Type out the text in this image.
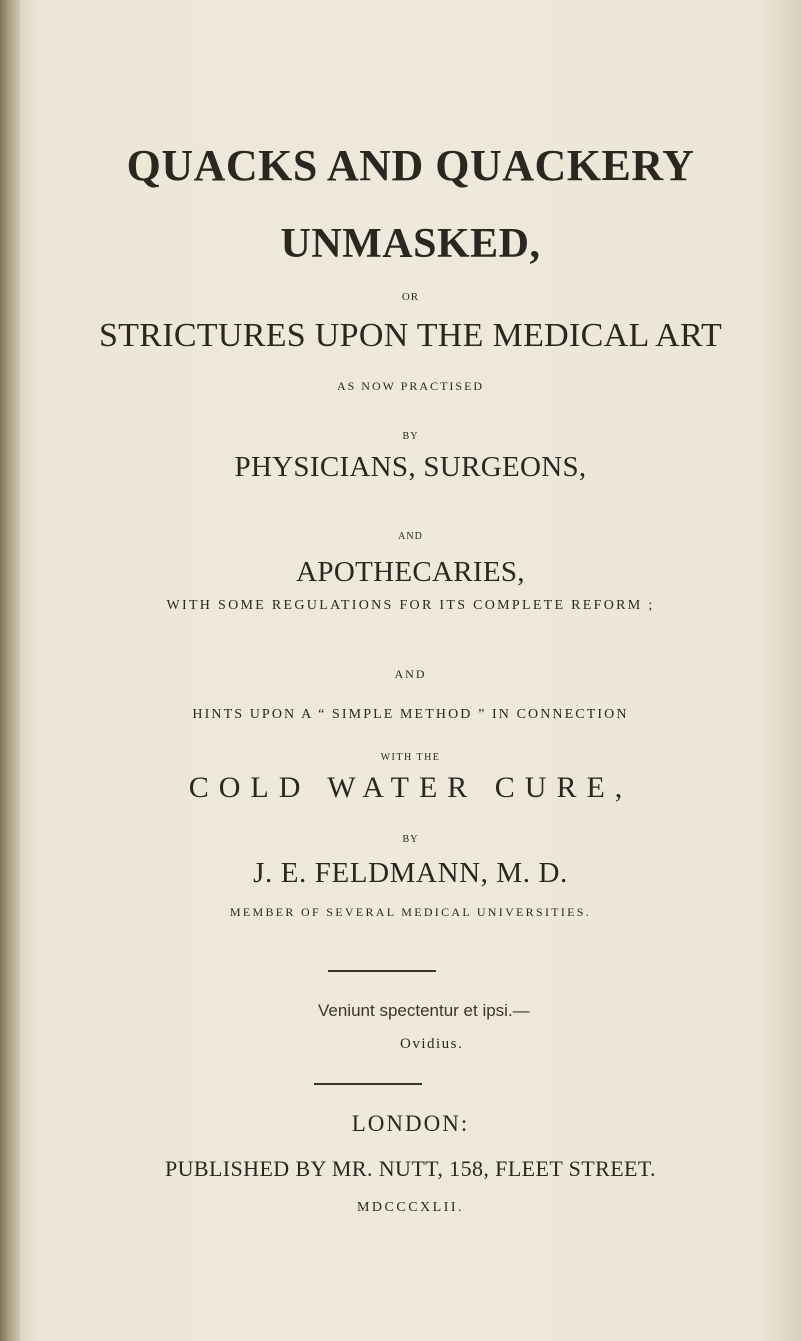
QUACKS AND QUACKERY
UNMASKED,
OR
STRICTURES UPON THE MEDICAL ART
AS NOW PRACTISED
BY
PHYSICIANS, SURGEONS,
AND
APOTHECARIES,
WITH SOME REGULATIONS FOR ITS COMPLETE REFORM ;
AND
HINTS UPON A “ SIMPLE METHOD ” IN CONNECTION
WITH THE
COLD WATER CURE,
BY
J. E. FELDMANN, M. D.
MEMBER OF SEVERAL MEDICAL UNIVERSITIES.
Veniunt spectentur et ipsi.—
Ovidius.
LONDON:
PUBLISHED BY MR. NUTT, 158, FLEET STREET.
MDCCCXLII.
